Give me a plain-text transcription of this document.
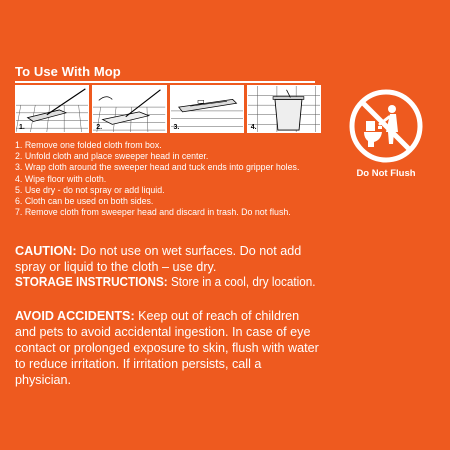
To Use With Mop
1.	2.	3.	4.
1. Remove one folded cloth from box.
2. Unfold cloth and place sweeper head in center.
3. Wrap cloth around the sweeper head and tuck ends into gripper holes.
4. Wipe floor with cloth.
5. Use dry - do not spray or add liquid.
6. Cloth can be used on both sides.
7. Remove cloth from sweeper head and discard in trash. Do not flush.
CAUTION: Do not use on wet surfaces. Do not add spray or liquid to the cloth – use dry.
STORAGE INSTRUCTIONS: Store in a cool, dry location.
AVOID ACCIDENTS: Keep out of reach of children and pets to avoid accidental ingestion. In case of eye contact or prolonged exposure to skin, flush with water to reduce irritation. If irritation persists, call a physician.
Do Not Flush
